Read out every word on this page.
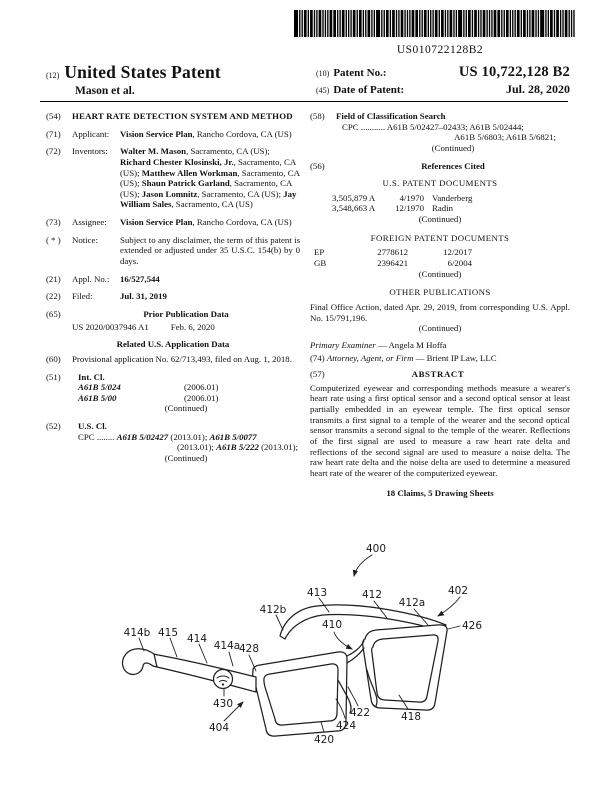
US010722128B2
(12) United States Patent
Mason et al.
(10) Patent No.:	US 10,722,128 B2
(45) Date of Patent:	Jul. 28, 2020
(54)	HEART RATE DETECTION SYSTEM AND METHOD
(71)	Applicant:	Vision Service Plan, Rancho Cordova, CA (US)
(72)	Inventors:	Walter M. Mason, Sacramento, CA (US); Richard Chester Klosinski, Jr., Sacramento, CA (US); Matthew Allen Workman, Sacramento, CA (US); Shaun Patrick Garland, Sacramento, CA (US); Jason Lomnitz, Sacramento, CA (US); Jay William Sales, Sacramento, CA (US)
(73)	Assignee:	Vision Service Plan, Rancho Cordova, CA (US)
( * )	Notice:	Subject to any disclaimer, the term of this patent is extended or adjusted under 35 U.S.C. 154(b) by 0 days.
(21)	Appl. No.:	16/527,544
(22)	Filed:	Jul. 31, 2019
(65)	Prior Publication Data
US 2020/0037946 A1	Feb. 6, 2020
Related U.S. Application Data
(60)	Provisional application No. 62/713,493, filed on Aug. 1, 2018.
(51)	Int. Cl.
A61B 5/024	(2006.01)
A61B 5/00	(2006.01)
(Continued)
(52)	U.S. Cl.
CPC ........ A61B 5/02427 (2013.01); A61B 5/0077
(2013.01); A61B 5/222 (2013.01);
(Continued)
(58)	Field of Classification Search
CPC ........... A61B 5/02427–02433; A61B 5/02444;
A61B 5/6803; A61B 5/6821;
(Continued)
(56)	References Cited
U.S. PATENT DOCUMENTS
3,505,879 A	4/1970 Vanderberg
3,548,663 A	12/1970 Radin
(Continued)
FOREIGN PATENT DOCUMENTS
EP	2778612	12/2017
GB	2396421	6/2004
(Continued)
OTHER PUBLICATIONS
Final Office Action, dated Apr. 29, 2019, from corresponding U.S. Appl. No. 15/791,196.
(Continued)
Primary Examiner — Angela M Hoffa
(74) Attorney, Agent, or Firm — Brient IP Law, LLC
(57)	ABSTRACT
Computerized eyewear and corresponding methods measure a wearer's heart rate using a first optical sensor and a second optical sensor at least partially embedded in an eyewear temple. The first optical sensor transmits a first signal to a temple of the wearer and the second optical sensor transmits a second signal to the temple of the wearer. Reflections of the first signal are used to measure a raw heart rate delta and reflections of the second signal are used to measure a noise delta. The raw heart rate delta and the noise delta are used to determine a measured heart rate of the wearer of the computerized eyewear.
18 Claims, 5 Drawing Sheets
400
413	412
412a
402
426
412b
410
414b 415 414
414a
428
430
404
420
424
422	418
